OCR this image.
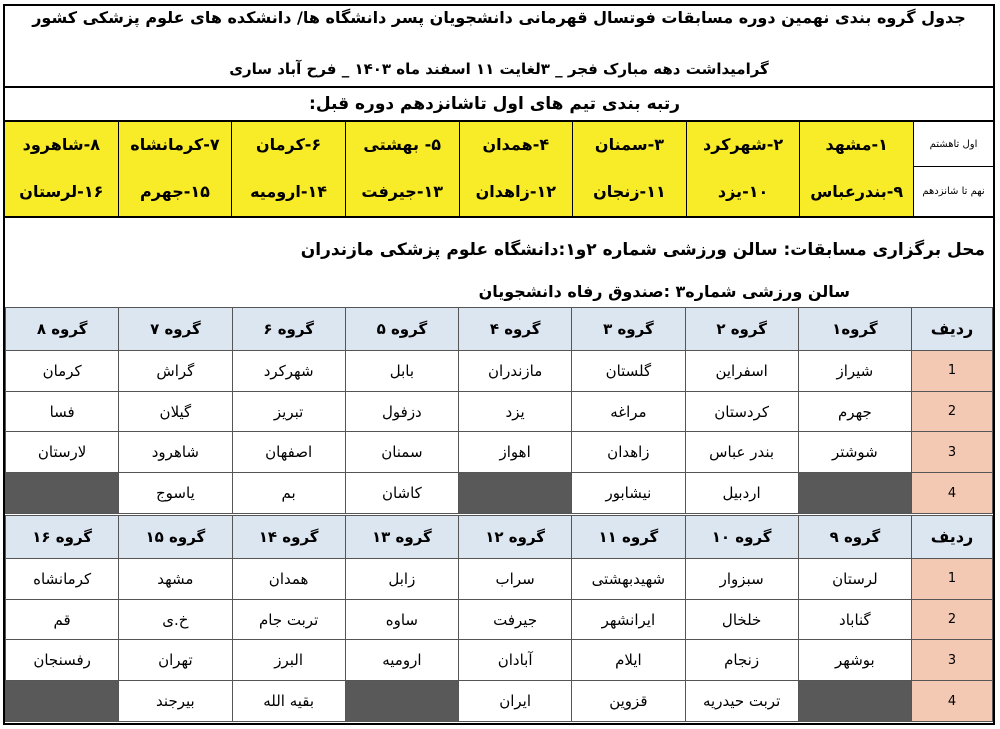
جدول گروه بندی نهمین دوره مسابقات فوتسال قهرمانی دانشجویان پسر دانشگاه ها/ دانشکده های علوم پزشکی کشور
گرامیداشت دهه مبارک فجر _ ۳لغایت ۱۱ اسفند ماه ۱۴۰۳ _ فرح آباد ساری
رتبه بندی تیم های اول تاشانزدهم دوره قبل:
اول تاهشتم
۱-مشهد
۲-شهرکرد
۳-سمنان
۴-همدان
۵- بهشتی
۶-کرمان
۷-کرمانشاه
۸-شاهرود
نهم تا شانزدهم
۹-بندرعباس
۱۰-یزد
۱۱-زنجان
۱۲-زاهدان
۱۳-جیرفت
۱۴-ارومیه
۱۵-جهرم
۱۶-لرستان
محل برگزاری مسابقات: سالن ورزشی شماره ۲و۱:دانشگاه علوم پزشکی مازندران
سالن ورزشی شماره۳ :صندوق رفاه دانشجویان
ردیف	گروه۱	گروه ۲	گروه ۳	گروه ۴	گروه ۵	گروه ۶	گروه ۷	گروه ۸
1	شیراز	اسفراین	گلستان	مازندران	بابل	شهرکرد	گراش	کرمان
2	جهرم	کردستان	مراغه	یزد	دزفول	تبریز	گیلان	فسا
3	شوشتر	بندر عباس	زاهدان	اهواز	سمنان	اصفهان	شاهرود	لارستان
4		اردبیل	نیشابور		کاشان	بم	یاسوج	
ردیف	گروه ۹	گروه ۱۰	گروه ۱۱	گروه ۱۲	گروه ۱۳	گروه ۱۴	گروه ۱۵	گروه ۱۶
1	لرستان	سبزوار	شهیدبهشتی	سراب	زابل	همدان	مشهد	کرمانشاه
2	گناباد	خلخال	ایرانشهر	جیرفت	ساوه	تربت جام	خ.ی	قم
3	بوشهر	زنجام	ایلام	آبادان	ارومیه	البرز	تهران	رفسنجان
4		تربت حیدریه	قزوین	ایران		بقیه الله	بیرجند	
